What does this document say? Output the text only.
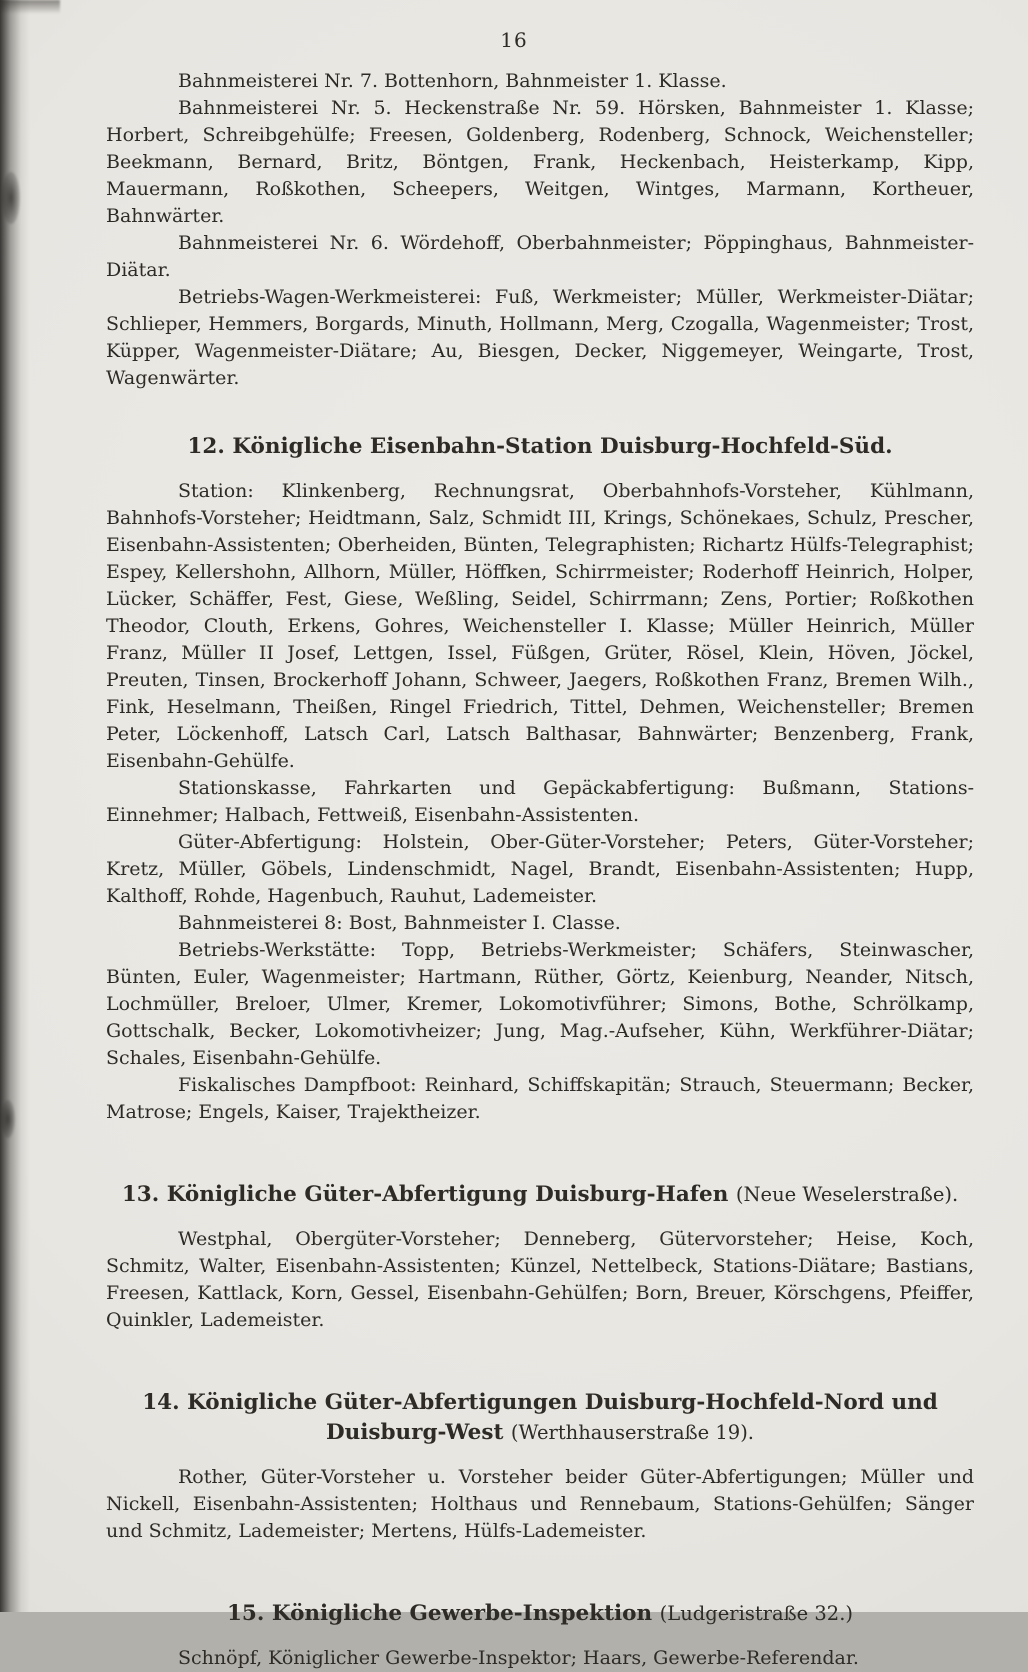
16

Bahnmeisterei Nr. 7. Bottenhorn, Bahnmeister 1. Klasse.

Bahnmeisterei Nr. 5. Heckenstraße Nr. 59. Hörsken, Bahnmeister 1. Klasse; Horbert, Schreibgehülfe; Freesen, Goldenberg, Rodenberg, Schnock, Weichensteller; Beekmann, Bernard, Britz, Böntgen, Frank, Heckenbach, Heisterkamp, Kipp, Mauermann, Roßkothen, Scheepers, Weitgen, Wintges, Marmann, Kortheuer, Bahnwärter.

Bahnmeisterei Nr. 6. Wördehoff, Oberbahnmeister; Pöppinghaus, Bahnmeister-Diätar.

Betriebs-Wagen-Werkmeisterei: Fuß, Werkmeister; Müller, Werkmeister-Diätar; Schlieper, Hemmers, Borgards, Minuth, Hollmann, Merg, Czogalla, Wagenmeister; Trost, Küpper, Wagenmeister-Diätare; Au, Biesgen, Decker, Niggemeyer, Weingarte, Trost, Wagenwärter.

12. Königliche Eisenbahn-Station Duisburg-Hochfeld-Süd.

Station: Klinkenberg, Rechnungsrat, Oberbahnhofs-Vorsteher, Kühlmann, Bahnhofs-Vorsteher; Heidtmann, Salz, Schmidt III, Krings, Schönekaes, Schulz, Prescher, Eisenbahn-Assistenten; Oberheiden, Bünten, Telegraphisten; Richartz Hülfs-Telegraphist; Espey, Kellershohn, Allhorn, Müller, Höffken, Schirrmeister; Roderhoff Heinrich, Holper, Lücker, Schäffer, Fest, Giese, Weßling, Seidel, Schirrmann; Zens, Portier; Roßkothen Theodor, Clouth, Erkens, Gohres, Weichensteller I. Klasse; Müller Heinrich, Müller Franz, Müller II Josef, Lettgen, Issel, Füßgen, Grüter, Rösel, Klein, Höven, Jöckel, Preuten, Tinsen, Brockerhoff Johann, Schweer, Jaegers, Roßkothen Franz, Bremen Wilh., Fink, Heselmann, Theißen, Ringel Friedrich, Tittel, Dehmen, Weichensteller; Bremen Peter, Löckenhoff, Latsch Carl, Latsch Balthasar, Bahnwärter; Benzenberg, Frank, Eisenbahn-Gehülfe.

Stationskasse, Fahrkarten und Gepäckabfertigung: Bußmann, Stations-Einnehmer; Halbach, Fettweiß, Eisenbahn-Assistenten.

Güter-Abfertigung: Holstein, Ober-Güter-Vorsteher; Peters, Güter-Vorsteher; Kretz, Müller, Göbels, Lindenschmidt, Nagel, Brandt, Eisenbahn-Assistenten; Hupp, Kalthoff, Rohde, Hagenbuch, Rauhut, Lademeister.

Bahnmeisterei 8: Bost, Bahnmeister I. Classe.

Betriebs-Werkstätte: Topp, Betriebs-Werkmeister; Schäfers, Steinwascher, Bünten, Euler, Wagenmeister; Hartmann, Rüther, Görtz, Keienburg, Neander, Nitsch, Lochmüller, Breloer, Ulmer, Kremer, Lokomotivführer; Simons, Bothe, Schrölkamp, Gottschalk, Becker, Lokomotivheizer; Jung, Mag.-Aufseher, Kühn, Werkführer-Diätar; Schales, Eisenbahn-Gehülfe.

Fiskalisches Dampfboot: Reinhard, Schiffskapitän; Strauch, Steuermann; Becker, Matrose; Engels, Kaiser, Trajektheizer.

13. Königliche Güter-Abfertigung Duisburg-Hafen (Neue Weselerstraße).

Westphal, Obergüter-Vorsteher; Denneberg, Gütervorsteher; Heise, Koch, Schmitz, Walter, Eisenbahn-Assistenten; Künzel, Nettelbeck, Stations-Diätare; Bastians, Freesen, Kattlack, Korn, Gessel, Eisenbahn-Gehülfen; Born, Breuer, Körschgens, Pfeiffer, Quinkler, Lademeister.

14. Königliche Güter-Abfertigungen Duisburg-Hochfeld-Nord und Duisburg-West (Werthhauserstraße 19).

Rother, Güter-Vorsteher u. Vorsteher beider Güter-Abfertigungen; Müller und Nickell, Eisenbahn-Assistenten; Holthaus und Rennebaum, Stations-Gehülfen; Sänger und Schmitz, Lademeister; Mertens, Hülfs-Lademeister.

15. Königliche Gewerbe-Inspektion (Ludgeristraße 32.)

Schnöpf, Königlicher Gewerbe-Inspektor; Haars, Gewerbe-Referendar.
